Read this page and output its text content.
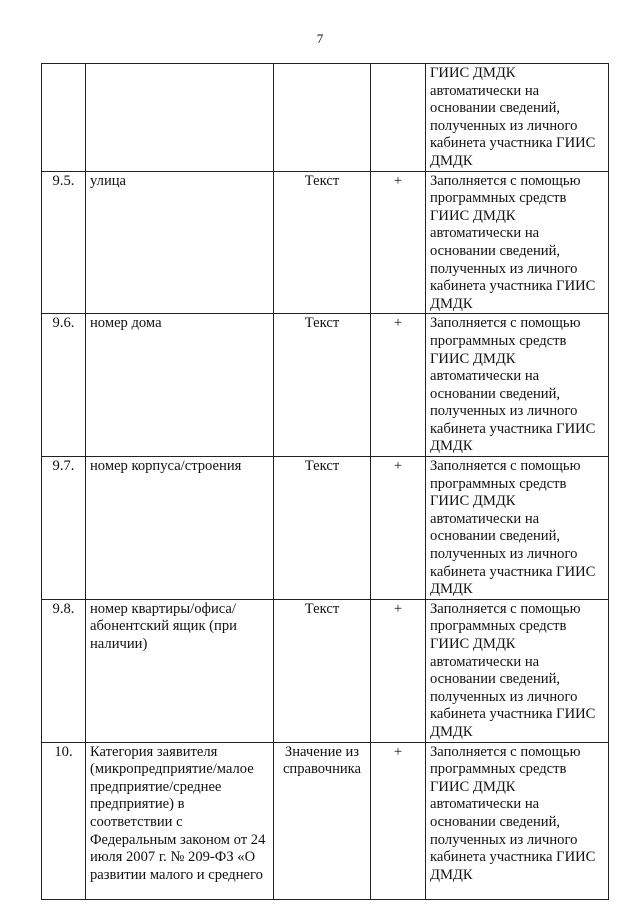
7
				ГИИС ДМДК автоматически на основании сведений, полученных из личного кабинета участника ГИИС ДМДК
9.5.	улица	Текст	+	Заполняется с помощью программных средств ГИИС ДМДК автоматически на основании сведений, полученных из личного кабинета участника ГИИС ДМДК
9.6.	номер дома	Текст	+	Заполняется с помощью программных средств ГИИС ДМДК автоматически на основании сведений, полученных из личного кабинета участника ГИИС ДМДК
9.7.	номер корпуса/строения	Текст	+	Заполняется с помощью программных средств ГИИС ДМДК автоматически на основании сведений, полученных из личного кабинета участника ГИИС ДМДК
9.8.	номер квартиры/офиса/ абонентский ящик (при наличии)	Текст	+	Заполняется с помощью программных средств ГИИС ДМДК автоматически на основании сведений, полученных из личного кабинета участника ГИИС ДМДК
10.	Категория заявителя (микропредприятие/малое предприятие/среднее предприятие) в соответствии с Федеральным законом от 24 июля 2007 г. № 209-ФЗ «О развитии малого и среднего	Значение из справочника	+	Заполняется с помощью программных средств ГИИС ДМДК автоматически на основании сведений, полученных из личного кабинета участника ГИИС ДМДК
